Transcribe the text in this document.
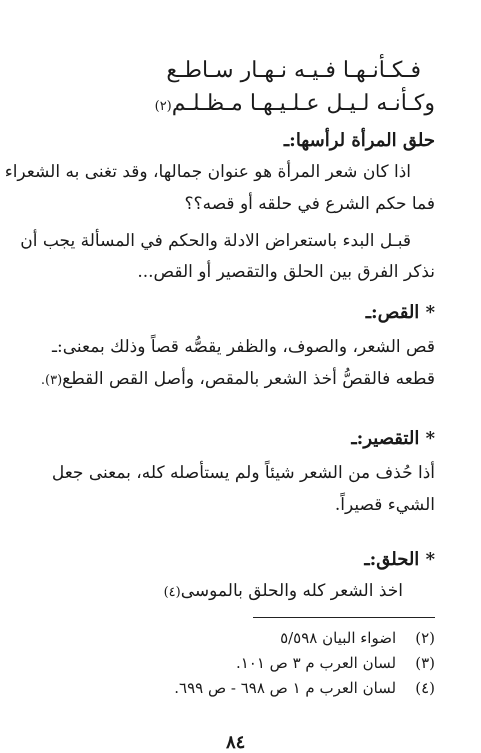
فـكـأنـهـا فـيـه نـهـار سـاطـع
وكـأنـه لـيـل عـلـيـهـا مـظـلـم(٢)
حلق المرأة لرأسها:ـ
اذا كان شعر المرأة هو عنوان جمالها، وقد تغنى به الشعراء
فما حكم الشرع في حلقه أو قصه؟؟
قبـل البدء باستعراض الادلة والحكم في المسألة يجب أن
نذكر الفرق بين الحلق والتقصير أو القص...
* القص:ـ
قص الشعر، والصوف، والظفر يقصُّه قصاً وذلك بمعنى:ـ
قطعه فالقصُّ أخذ الشعر بالمقص، وأصل القص القطع(٣).
* التقصير:ـ
أذا حُذف من الشعر شيئاً ولم يستأصله كله، بمعنى جعل
الشيء قصيراً.
* الحلق:ـ
اخذ الشعر كله والحلق بالموسى(٤)
(٢)    اضواء البيان ٥/٥٩٨
(٣)    لسان العرب م ٣ ص ١٠١.
(٤)    لسان العرب م ١ ص ٦٩٨ - ص ٦٩٩.
٨٤
